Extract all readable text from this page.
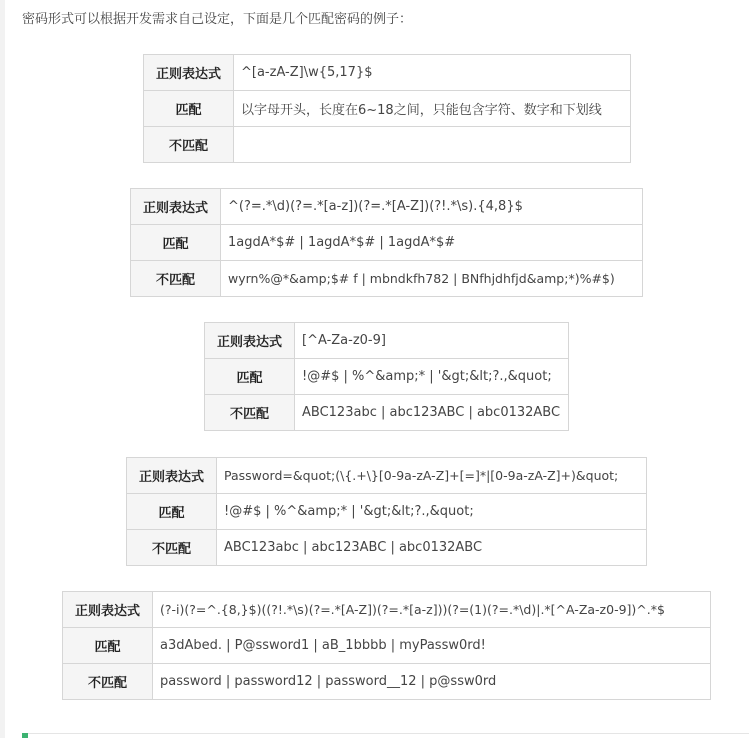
密码形式可以根据开发需求自己设定，下面是几个匹配密码的例子：
正则表达式	^[a-zA-Z]\w{5,17}$
匹配	以字母开头，长度在6~18之间，只能包含字符、数字和下划线
不匹配	
正则表达式	^(?=.*\d)(?=.*[a-z])(?=.*[A-Z])(?!.*\s).{4,8}$
匹配	1agdA*$# | 1agdA*$# | 1agdA*$#
不匹配	wyrn%@*&amp;$# f | mbndkfh782 | BNfhjdhfjd&amp;*)%#$)
正则表达式	[^A-Za-z0-9]
匹配	!@#$ | %^&amp;* | '&gt;&lt;?.,&quot;
不匹配	ABC123abc | abc123ABC | abc0132ABC
正则表达式	Password=&quot;(\{.+\}[0-9a-zA-Z]+[=]*|[0-9a-zA-Z]+)&quot;
匹配	!@#$ | %^&amp;* | '&gt;&lt;?.,&quot;
不匹配	ABC123abc | abc123ABC | abc0132ABC
正则表达式	(?-i)(?=^.{8,}$)((?!.*\s)(?=.*[A-Z])(?=.*[a-z]))(?=(1)(?=.*\d)|.*[^A-Za-z0-9])^.*$
匹配	a3dAbed. | P@ssword1 | aB_1bbbb | myPassw0rd!
不匹配	password | password12 | password__12 | p@ssw0rd
